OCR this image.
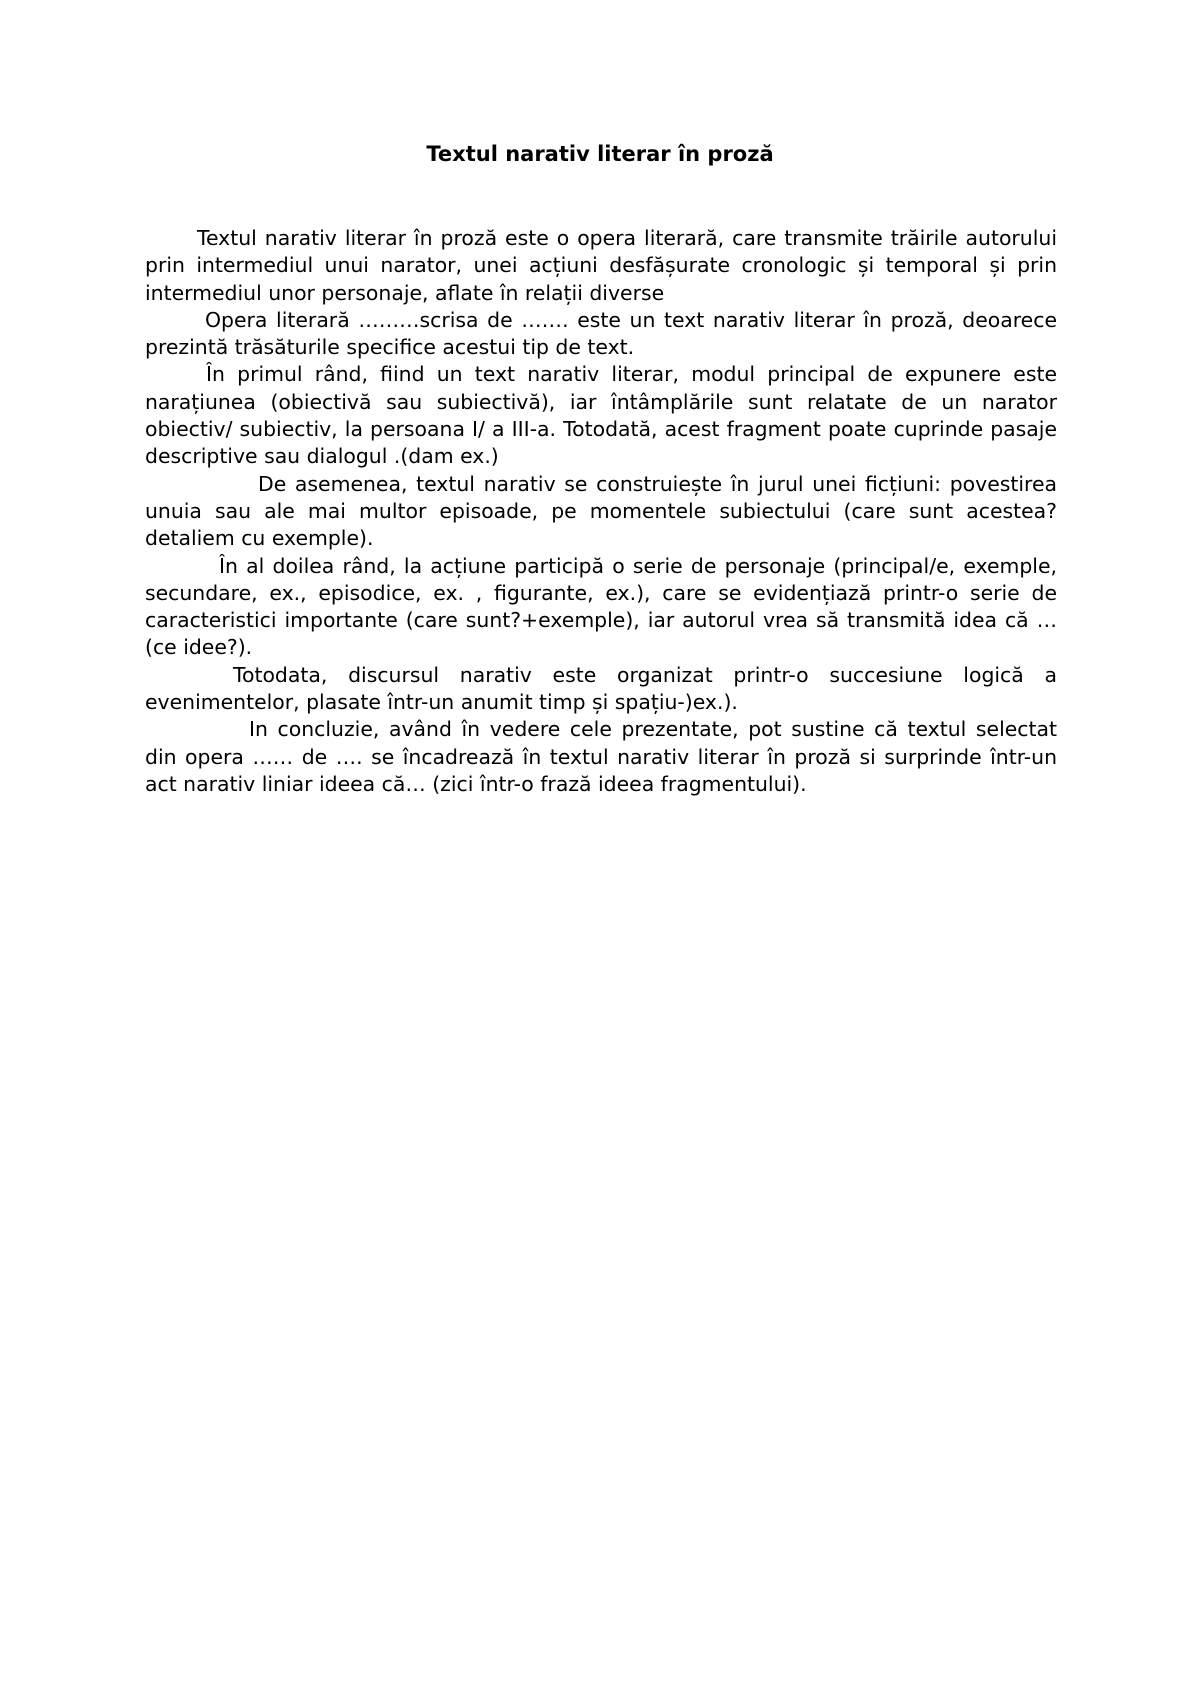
Textul narativ literar în proză

Textul narativ literar în proză este o opera literară, care transmite trăirile autorului prin intermediul unui narator, unei acțiuni desfășurate cronologic și temporal și prin intermediul unor personaje, aflate în relații diverse

Opera literară ………scrisa de ……. este un text narativ literar în proză, deoarece prezintă trăsăturile specifice acestui tip de text.

În primul rând, fiind un text narativ literar, modul principal de expunere este narațiunea (obiectivă sau subiectivă), iar întâmplările sunt relatate de un narator obiectiv/ subiectiv, la persoana I/ a III-a. Totodată, acest fragment poate cuprinde pasaje descriptive sau dialogul .(dam ex.)

De asemenea, textul narativ se construiește în jurul unei ficțiuni: povestirea unuia sau ale mai multor episoade, pe momentele subiectului (care sunt acestea?detaliem cu exemple).

În al doilea rând, la acțiune participă o serie de personaje (principal/e, exemple, secundare, ex., episodice, ex. , figurante, ex.), care se evidențiază printr-o serie de caracteristici importante (care sunt?+exemple), iar autorul vrea să transmită idea că … (ce idee?).

Totodata, discursul narativ este organizat printr-o succesiune logică a evenimentelor, plasate într-un anumit timp și spațiu-)ex.).

In concluzie, având în vedere cele prezentate, pot sustine că textul selectat din opera …… de …. se încadrează în textul narativ literar în proză si surprinde într-un act narativ liniar ideea că… (zici într-o frază ideea fragmentului).
